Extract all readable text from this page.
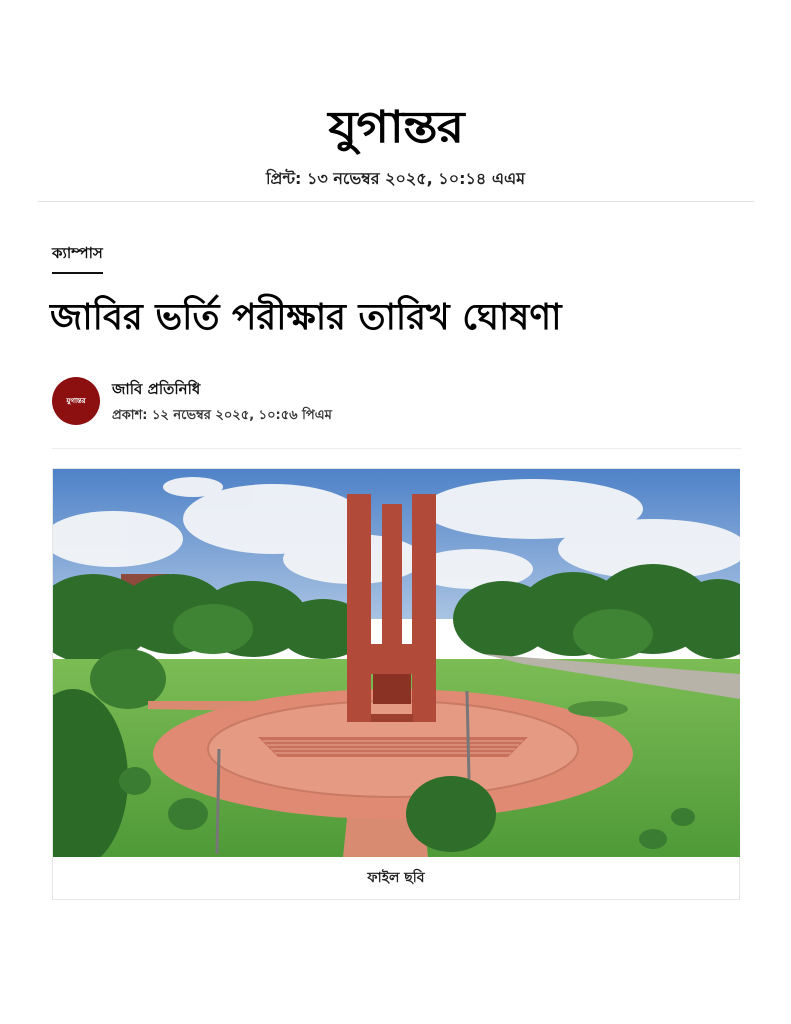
যুগান্তর
প্রিন্ট: ১৩ নভেম্বর ২০২৫, ১০:১৪ এএম
ক্যাম্পাস
জাবির ভর্তি পরীক্ষার তারিখ ঘোষণা
যুগান্তর
জাবি প্রতিনিধি
প্রকাশ: ১২ নভেম্বর ২০২৫, ১০:৫৬ পিএম
ফাইল ছবি
